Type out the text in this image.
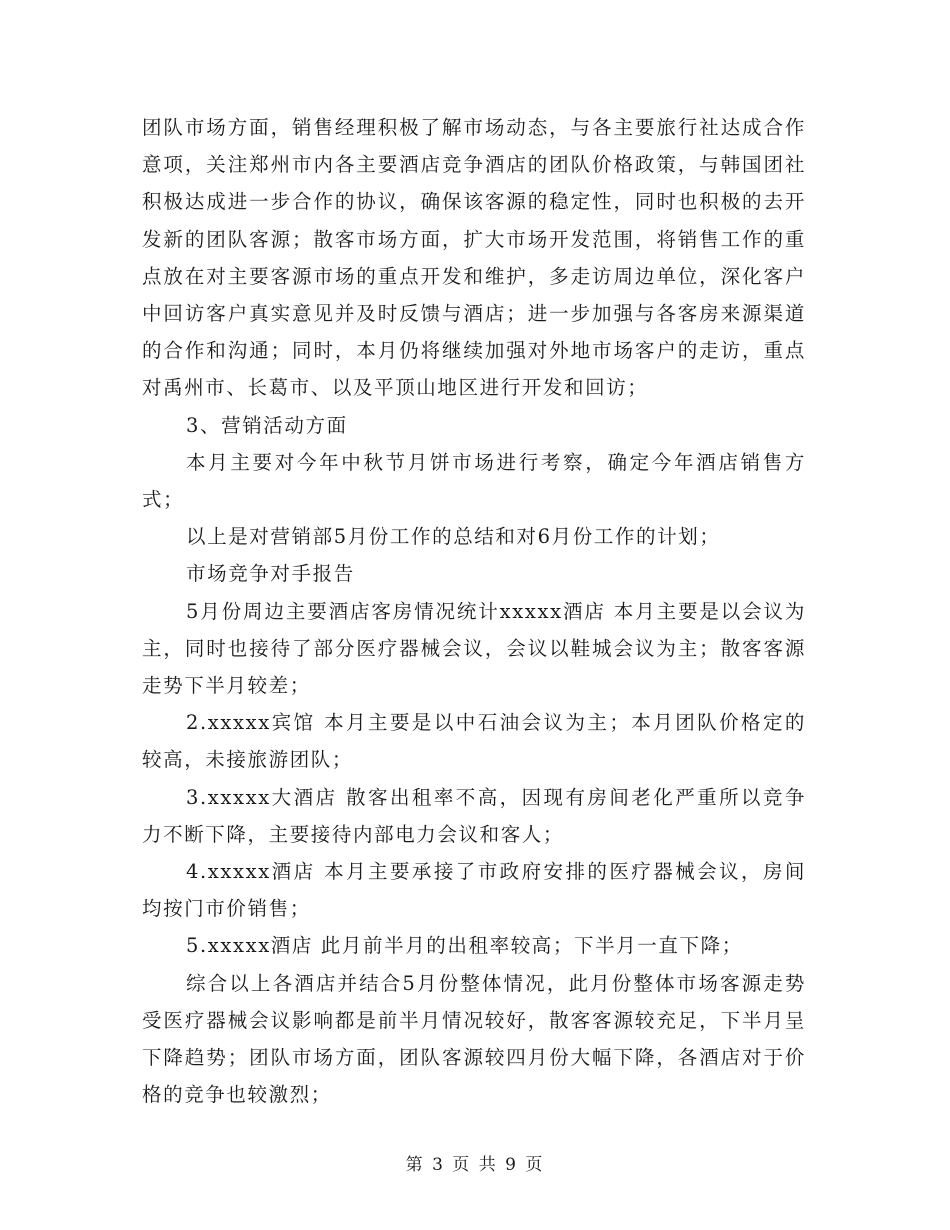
团队市场方面，销售经理积极了解市场动态，与各主要旅行社达成合作意项，关注郑州市内各主要酒店竞争酒店的团队价格政策，与韩国团社积极达成进一步合作的协议，确保该客源的稳定性，同时也积极的去开发新的团队客源；散客市场方面，扩大市场开发范围，将销售工作的重点放在对主要客源市场的重点开发和维护，多走访周边单位，深化客户中回访客户真实意见并及时反馈与酒店；进一步加强与各客房来源渠道的合作和沟通；同时，本月仍将继续加强对外地市场客户的走访，重点对禹州市、长葛市、以及平顶山地区进行开发和回访；

3、营销活动方面

本月主要对今年中秋节月饼市场进行考察，确定今年酒店销售方式；

以上是对营销部5月份工作的总结和对6月份工作的计划；

市场竞争对手报告

5月份周边主要酒店客房情况统计xxxxx酒店 本月主要是以会议为主，同时也接待了部分医疗器械会议，会议以鞋城会议为主；散客客源走势下半月较差；

2.xxxxx宾馆 本月主要是以中石油会议为主；本月团队价格定的较高，未接旅游团队；

3.xxxxx大酒店 散客出租率不高，因现有房间老化严重所以竞争力不断下降，主要接待内部电力会议和客人；

4.xxxxx酒店 本月主要承接了市政府安排的医疗器械会议，房间均按门市价销售；

5.xxxxx酒店 此月前半月的出租率较高；下半月一直下降；

综合以上各酒店并结合5月份整体情况，此月份整体市场客源走势受医疗器械会议影响都是前半月情况较好，散客客源较充足，下半月呈下降趋势；团队市场方面，团队客源较四月份大幅下降，各酒店对于价格的竞争也较激烈；

第 3 页 共 9 页
